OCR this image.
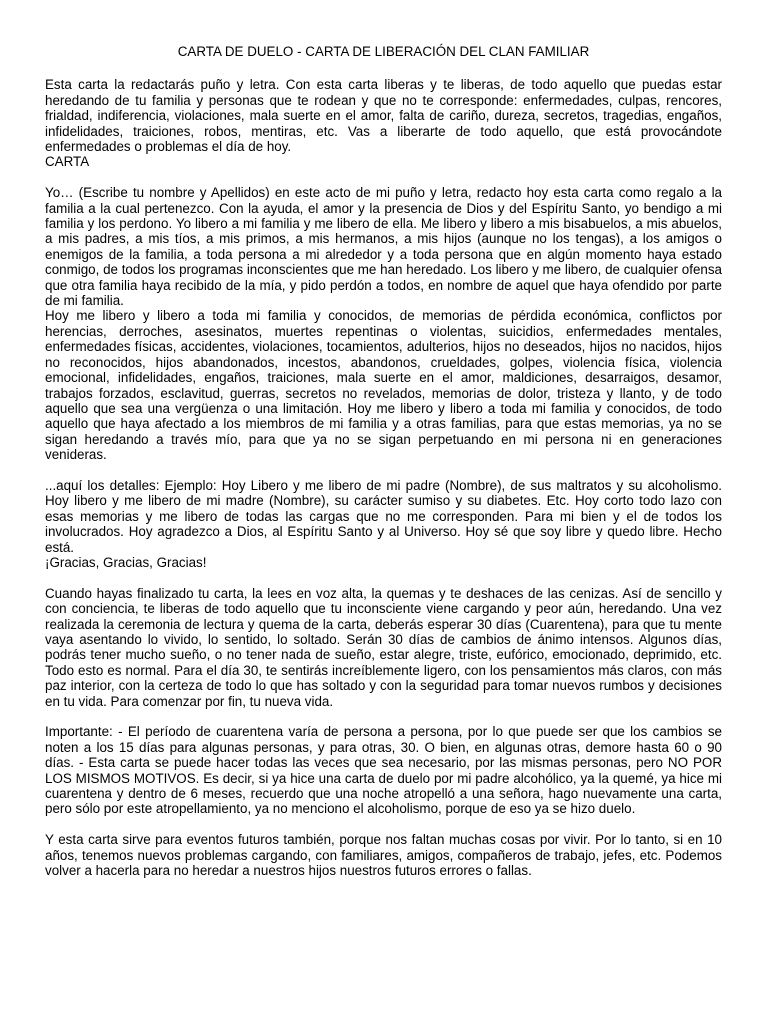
CARTA DE DUELO - CARTA DE LIBERACIÓN DEL CLAN FAMILIAR

Esta carta la redactarás puño y letra. Con esta carta liberas y te liberas, de todo aquello que puedas estar heredando de tu familia y personas que te rodean y que no te corresponde: enfermedades, culpas, rencores, frialdad, indiferencia, violaciones, mala suerte en el amor, falta de cariño, dureza, secretos, tragedias, engaños, infidelidades, traiciones, robos, mentiras, etc. Vas a liberarte de todo aquello, que está provocándote enfermedades o problemas el día de hoy.

CARTA

Yo… (Escribe tu nombre y Apellidos) en este acto de mi puño y letra, redacto hoy esta carta como regalo a la familia a la cual pertenezco. Con la ayuda, el amor y la presencia de Dios y del Espíritu Santo, yo bendigo a mi familia y los perdono. Yo libero a mi familia y me libero de ella. Me libero y libero a mis bisabuelos, a mis abuelos, a mis padres, a mis tíos, a mis primos, a mis hermanos, a mis hijos (aunque no los tengas), a los amigos o enemigos de la familia, a toda persona a mi alrededor y a toda persona que en algún momento haya estado conmigo, de todos los programas inconscientes que me han heredado. Los libero y me libero, de cualquier ofensa que otra familia haya recibido de la mía, y pido perdón a todos, en nombre de aquel que haya ofendido por parte de mi familia.

Hoy me libero y libero a toda mi familia y conocidos, de memorias de pérdida económica, conflictos por herencias, derroches, asesinatos, muertes repentinas o violentas, suicidios, enfermedades mentales, enfermedades físicas, accidentes, violaciones, tocamientos, adulterios, hijos no deseados, hijos no nacidos, hijos no reconocidos, hijos abandonados, incestos, abandonos, crueldades, golpes, violencia física, violencia emocional, infidelidades, engaños, traiciones, mala suerte en el amor, maldiciones, desarraigos, desamor, trabajos forzados, esclavitud, guerras, secretos no revelados, memorias de dolor, tristeza y llanto, y de todo aquello que sea una vergüenza o una limitación. Hoy me libero y libero a toda mi familia y conocidos, de todo aquello que haya afectado a los miembros de mi familia y a otras familias, para que estas memorias, ya no se sigan heredando a través mío, para que ya no se sigan perpetuando en mi persona ni en generaciones venideras.

...aquí los detalles: Ejemplo: Hoy Libero y me libero de mi padre (Nombre), de sus maltratos y su alcoholismo. Hoy libero y me libero de mi madre (Nombre), su carácter sumiso y su diabetes. Etc. Hoy corto todo lazo con esas memorias y me libero de todas las cargas que no me corresponden. Para mi bien y el de todos los involucrados. Hoy agradezco a Dios, al Espíritu Santo y al Universo. Hoy sé que soy libre y quedo libre. Hecho está.

¡Gracias, Gracias, Gracias!

Cuando hayas finalizado tu carta, la lees en voz alta, la quemas y te deshaces de las cenizas. Así de sencillo y con conciencia, te liberas de todo aquello que tu inconsciente viene cargando y peor aún, heredando. Una vez realizada la ceremonia de lectura y quema de la carta, deberás esperar 30 días (Cuarentena), para que tu mente vaya asentando lo vivido, lo sentido, lo soltado. Serán 30 días de cambios de ánimo intensos. Algunos días, podrás tener mucho sueño, o no tener nada de sueño, estar alegre, triste, eufórico, emocionado, deprimido, etc. Todo esto es normal. Para el día 30, te sentirás increíblemente ligero, con los pensamientos más claros, con más paz interior, con la certeza de todo lo que has soltado y con la seguridad para tomar nuevos rumbos y decisiones en tu vida. Para comenzar por fin, tu nueva vida.

Importante: - El período de cuarentena varía de persona a persona, por lo que puede ser que los cambios se noten a los 15 días para algunas personas, y para otras, 30. O bien, en algunas otras, demore hasta 60 o 90 días. - Esta carta se puede hacer todas las veces que sea necesario, por las mismas personas, pero NO POR LOS MISMOS MOTIVOS. Es decir, si ya hice una carta de duelo por mi padre alcohólico, ya la quemé, ya hice mi cuarentena y dentro de 6 meses, recuerdo que una noche atropelló a una señora, hago nuevamente una carta, pero sólo por este atropellamiento, ya no menciono el alcoholismo, porque de eso ya se hizo duelo.

Y esta carta sirve para eventos futuros también, porque nos faltan muchas cosas por vivir. Por lo tanto, si en 10 años, tenemos nuevos problemas cargando, con familiares, amigos, compañeros de trabajo, jefes, etc. Podemos volver a hacerla para no heredar a nuestros hijos nuestros futuros errores o fallas.
